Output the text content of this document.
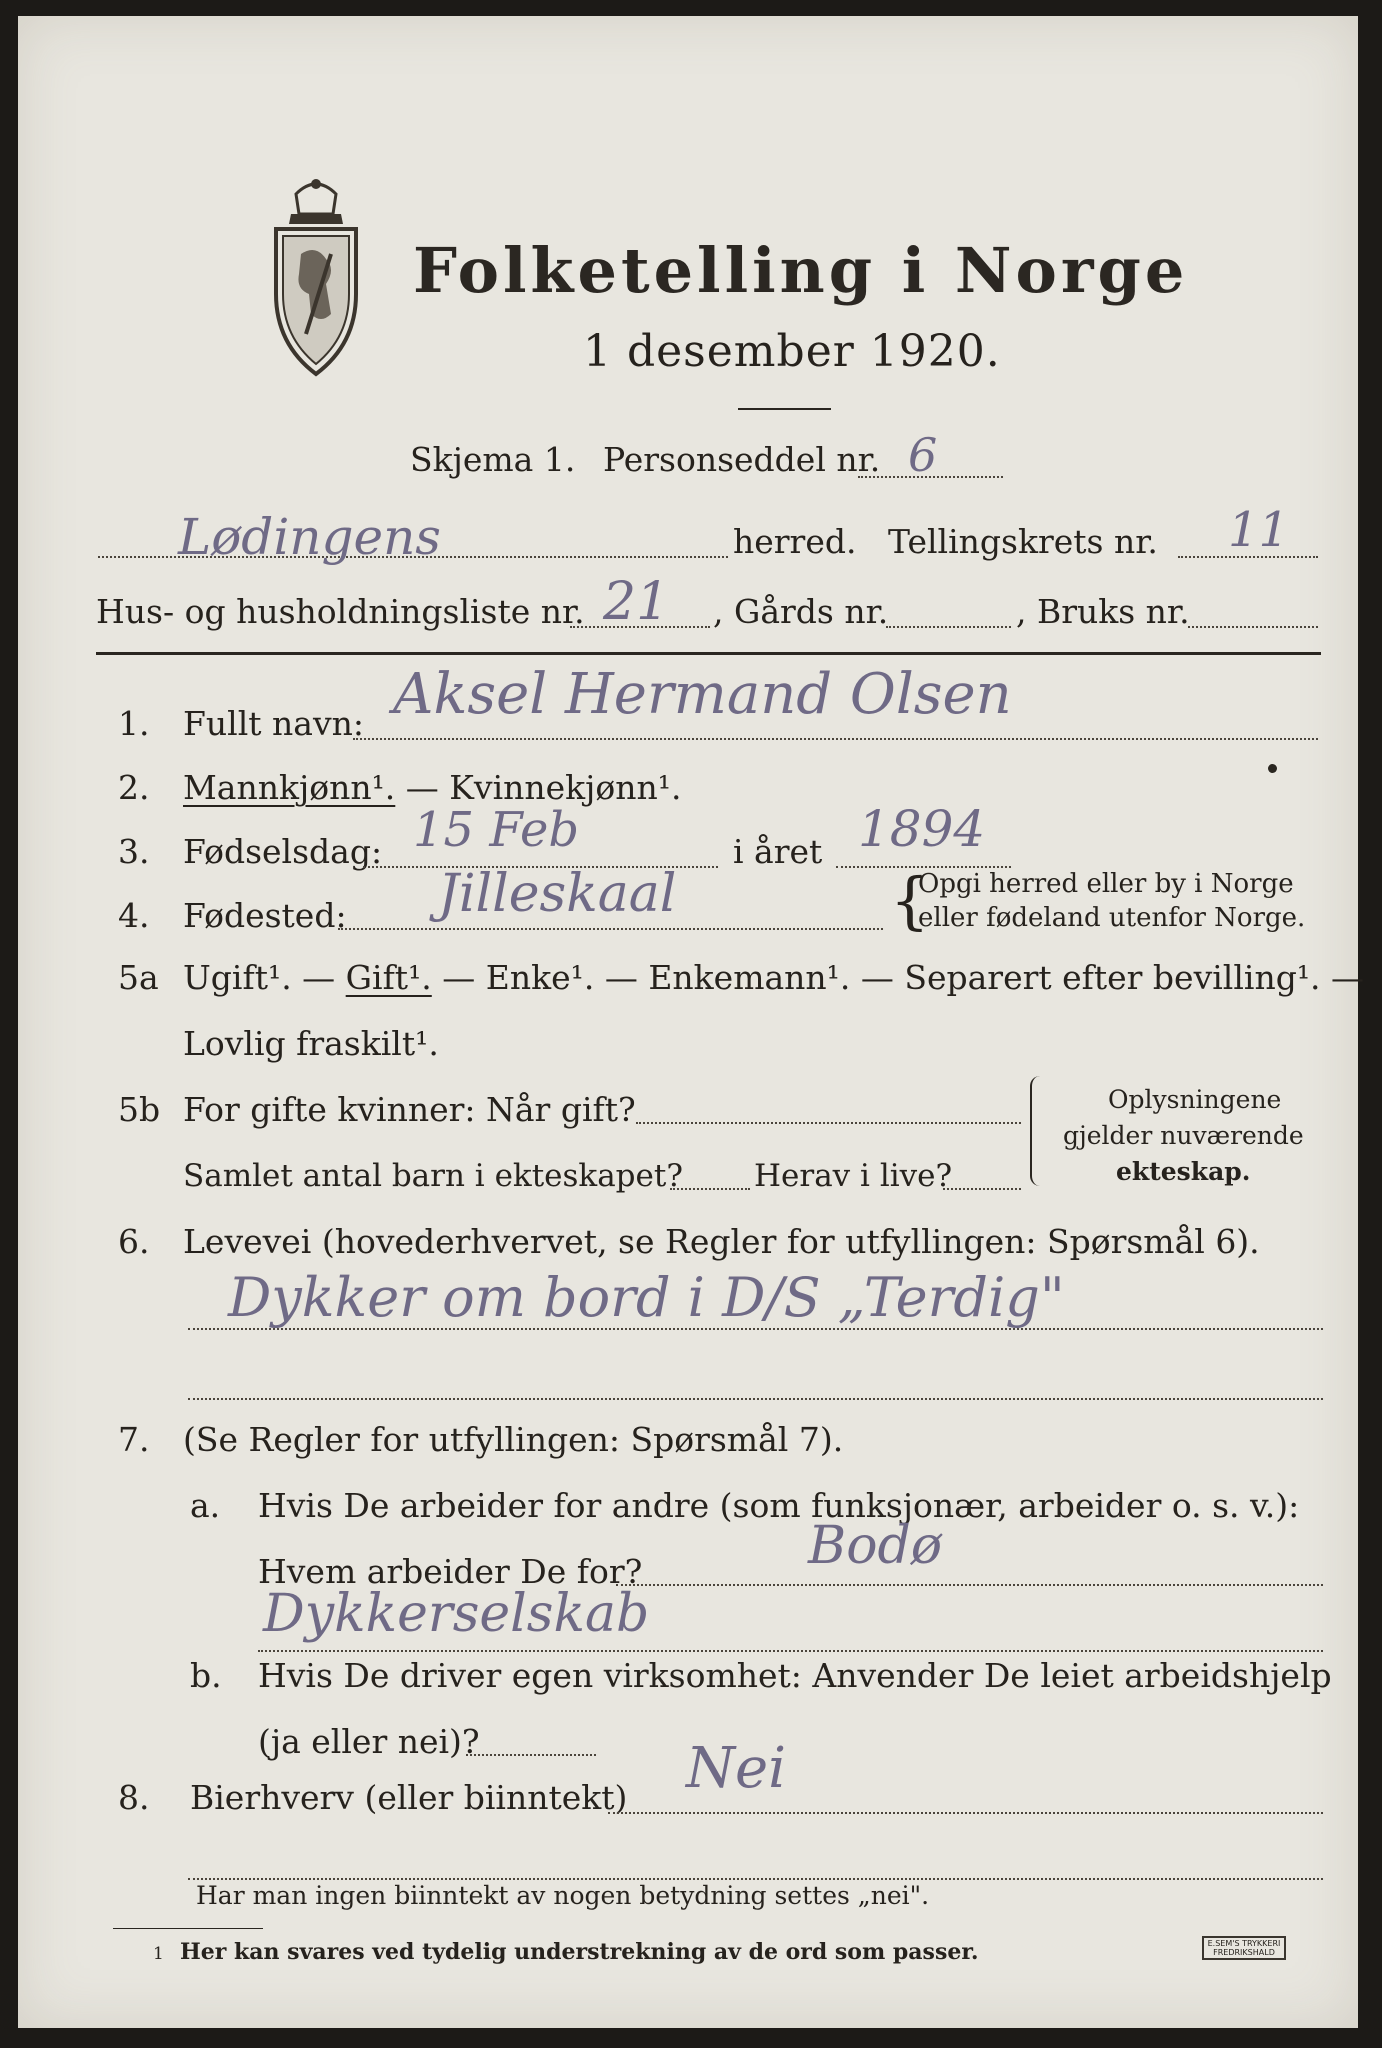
Folketelling i Norge
1 desember 1920.
Skjema 1. Personseddel nr. 6
Lødingens	herred. Tellingskrets nr. 11
Hus- og husholdningsliste nr. 21 , Gårds nr.	, Bruks nr.
1. Fullt navn: Aksel Hermand Olsen
2. Mannkjønn¹. — Kvinnekjønn¹.
3. Fødselsdag: 15 Feb	i året 1894
4. Fødested: Jilleskaal	{
Opgi herred eller by i Norge
eller fødeland utenfor Norge.
5a Ugift¹. — Gift¹. — Enke¹. — Enkemann¹. — Separert efter bevilling¹. —
Lovlig fraskilt¹.
5b For gifte kvinner: Når gift?
Samlet antal barn i ekteskapet? Herav i live?
Oplysningene
gjelder nuværende
ekteskap.
6. Levevei (hovederhvervet, se Regler for utfyllingen: Spørsmål 6).
Dykker om bord i D/S „Terdig"
7. (Se Regler for utfyllingen: Spørsmål 7).
a. Hvis De arbeider for andre (som funksjonær, arbeider o. s. v.):
Hvem arbeider De for?	Bodø
Dykkerselskab
b. Hvis De driver egen virksomhet: Anvender De leiet arbeidshjelp
(ja eller nei)?
8. Bierhverv (eller biinntekt) Nei
Har man ingen biinntekt av nogen betydning settes „nei".
1 Her kan svares ved tydelig understrekning av de ord som passer.	E.SEM'S TRYKKERI
FREDRIKSHALD
